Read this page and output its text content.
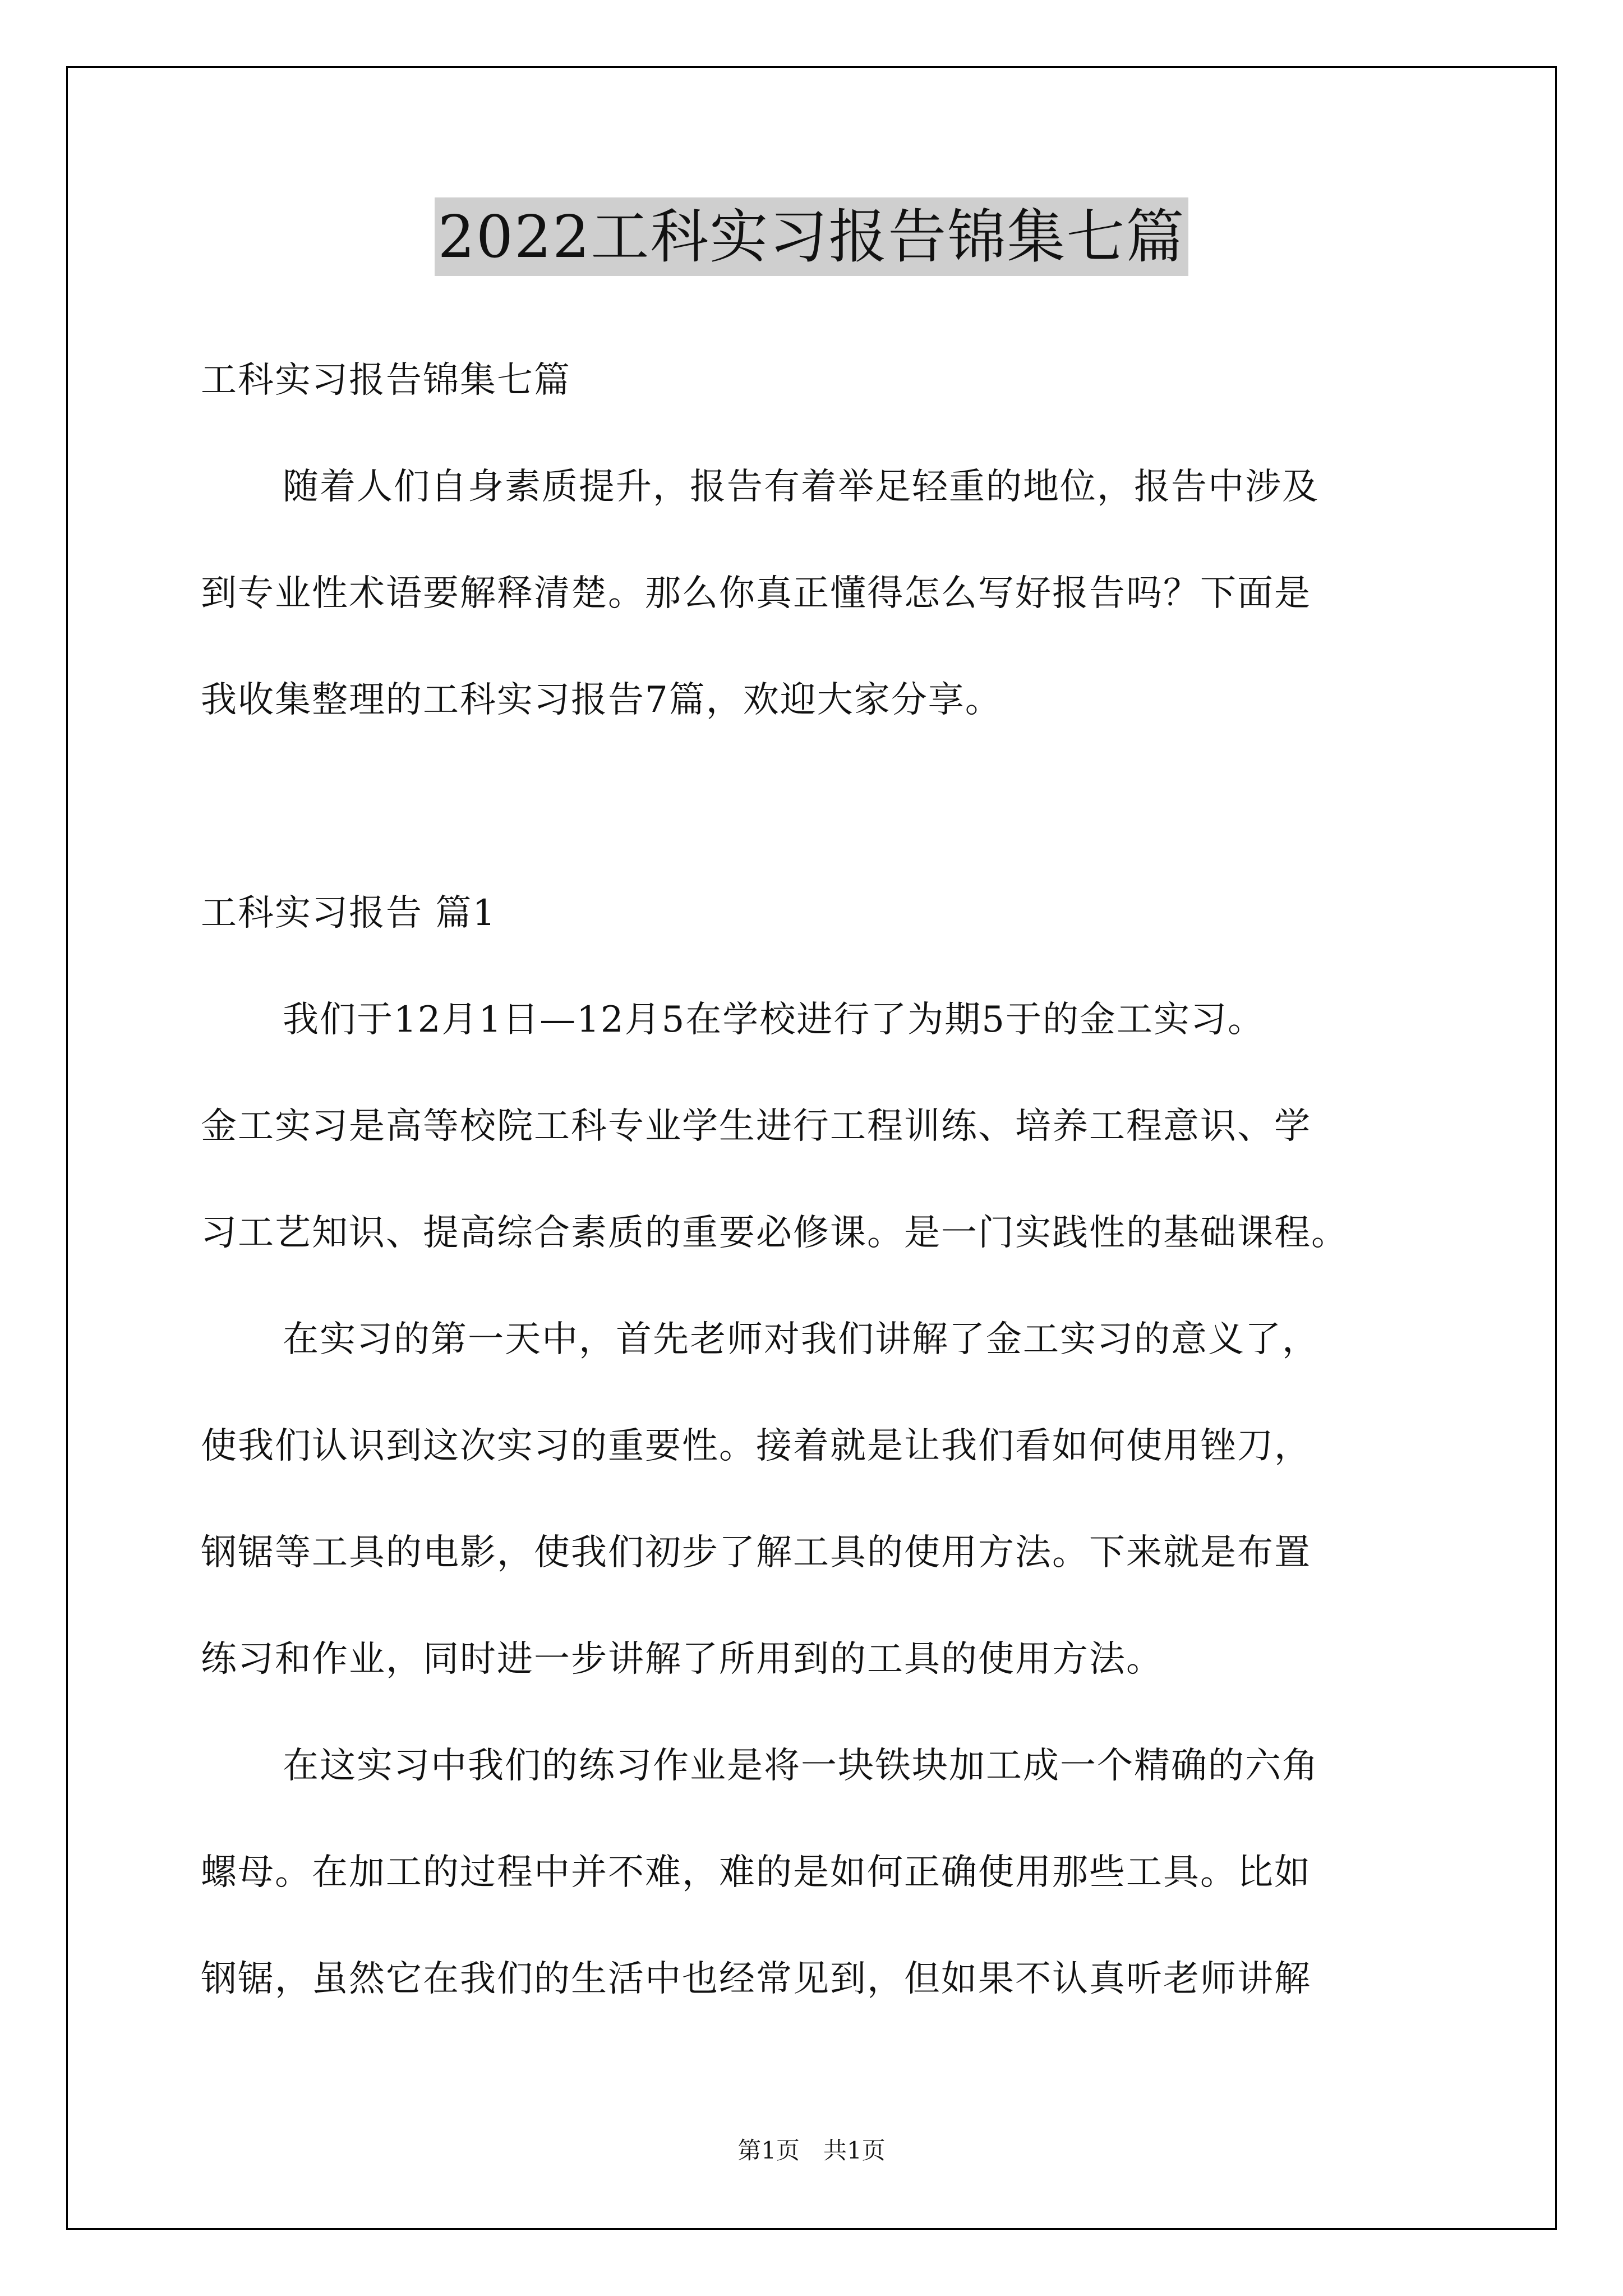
2022工科实习报告锦集七篇
工科实习报告锦集七篇
随着人们自身素质提升，报告有着举足轻重的地位，报告中涉及
到专业性术语要解释清楚。那么你真正懂得怎么写好报告吗？下面是
我收集整理的工科实习报告7篇，欢迎大家分享。
工科实习报告 篇1
我们于12月1日—12月5在学校进行了为期5于的金工实习。
金工实习是高等校院工科专业学生进行工程训练、培养工程意识、学
习工艺知识、提高综合素质的重要必修课。是一门实践性的基础课程。
在实习的第一天中，首先老师对我们讲解了金工实习的意义了，
使我们认识到这次实习的重要性。接着就是让我们看如何使用锉刀，
钢锯等工具的电影，使我们初步了解工具的使用方法。下来就是布置
练习和作业，同时进一步讲解了所用到的工具的使用方法。
在这实习中我们的练习作业是将一块铁块加工成一个精确的六角
螺母。在加工的过程中并不难，难的是如何正确使用那些工具。比如
钢锯，虽然它在我们的生活中也经常见到，但如果不认真听老师讲解
第1页　共1页
